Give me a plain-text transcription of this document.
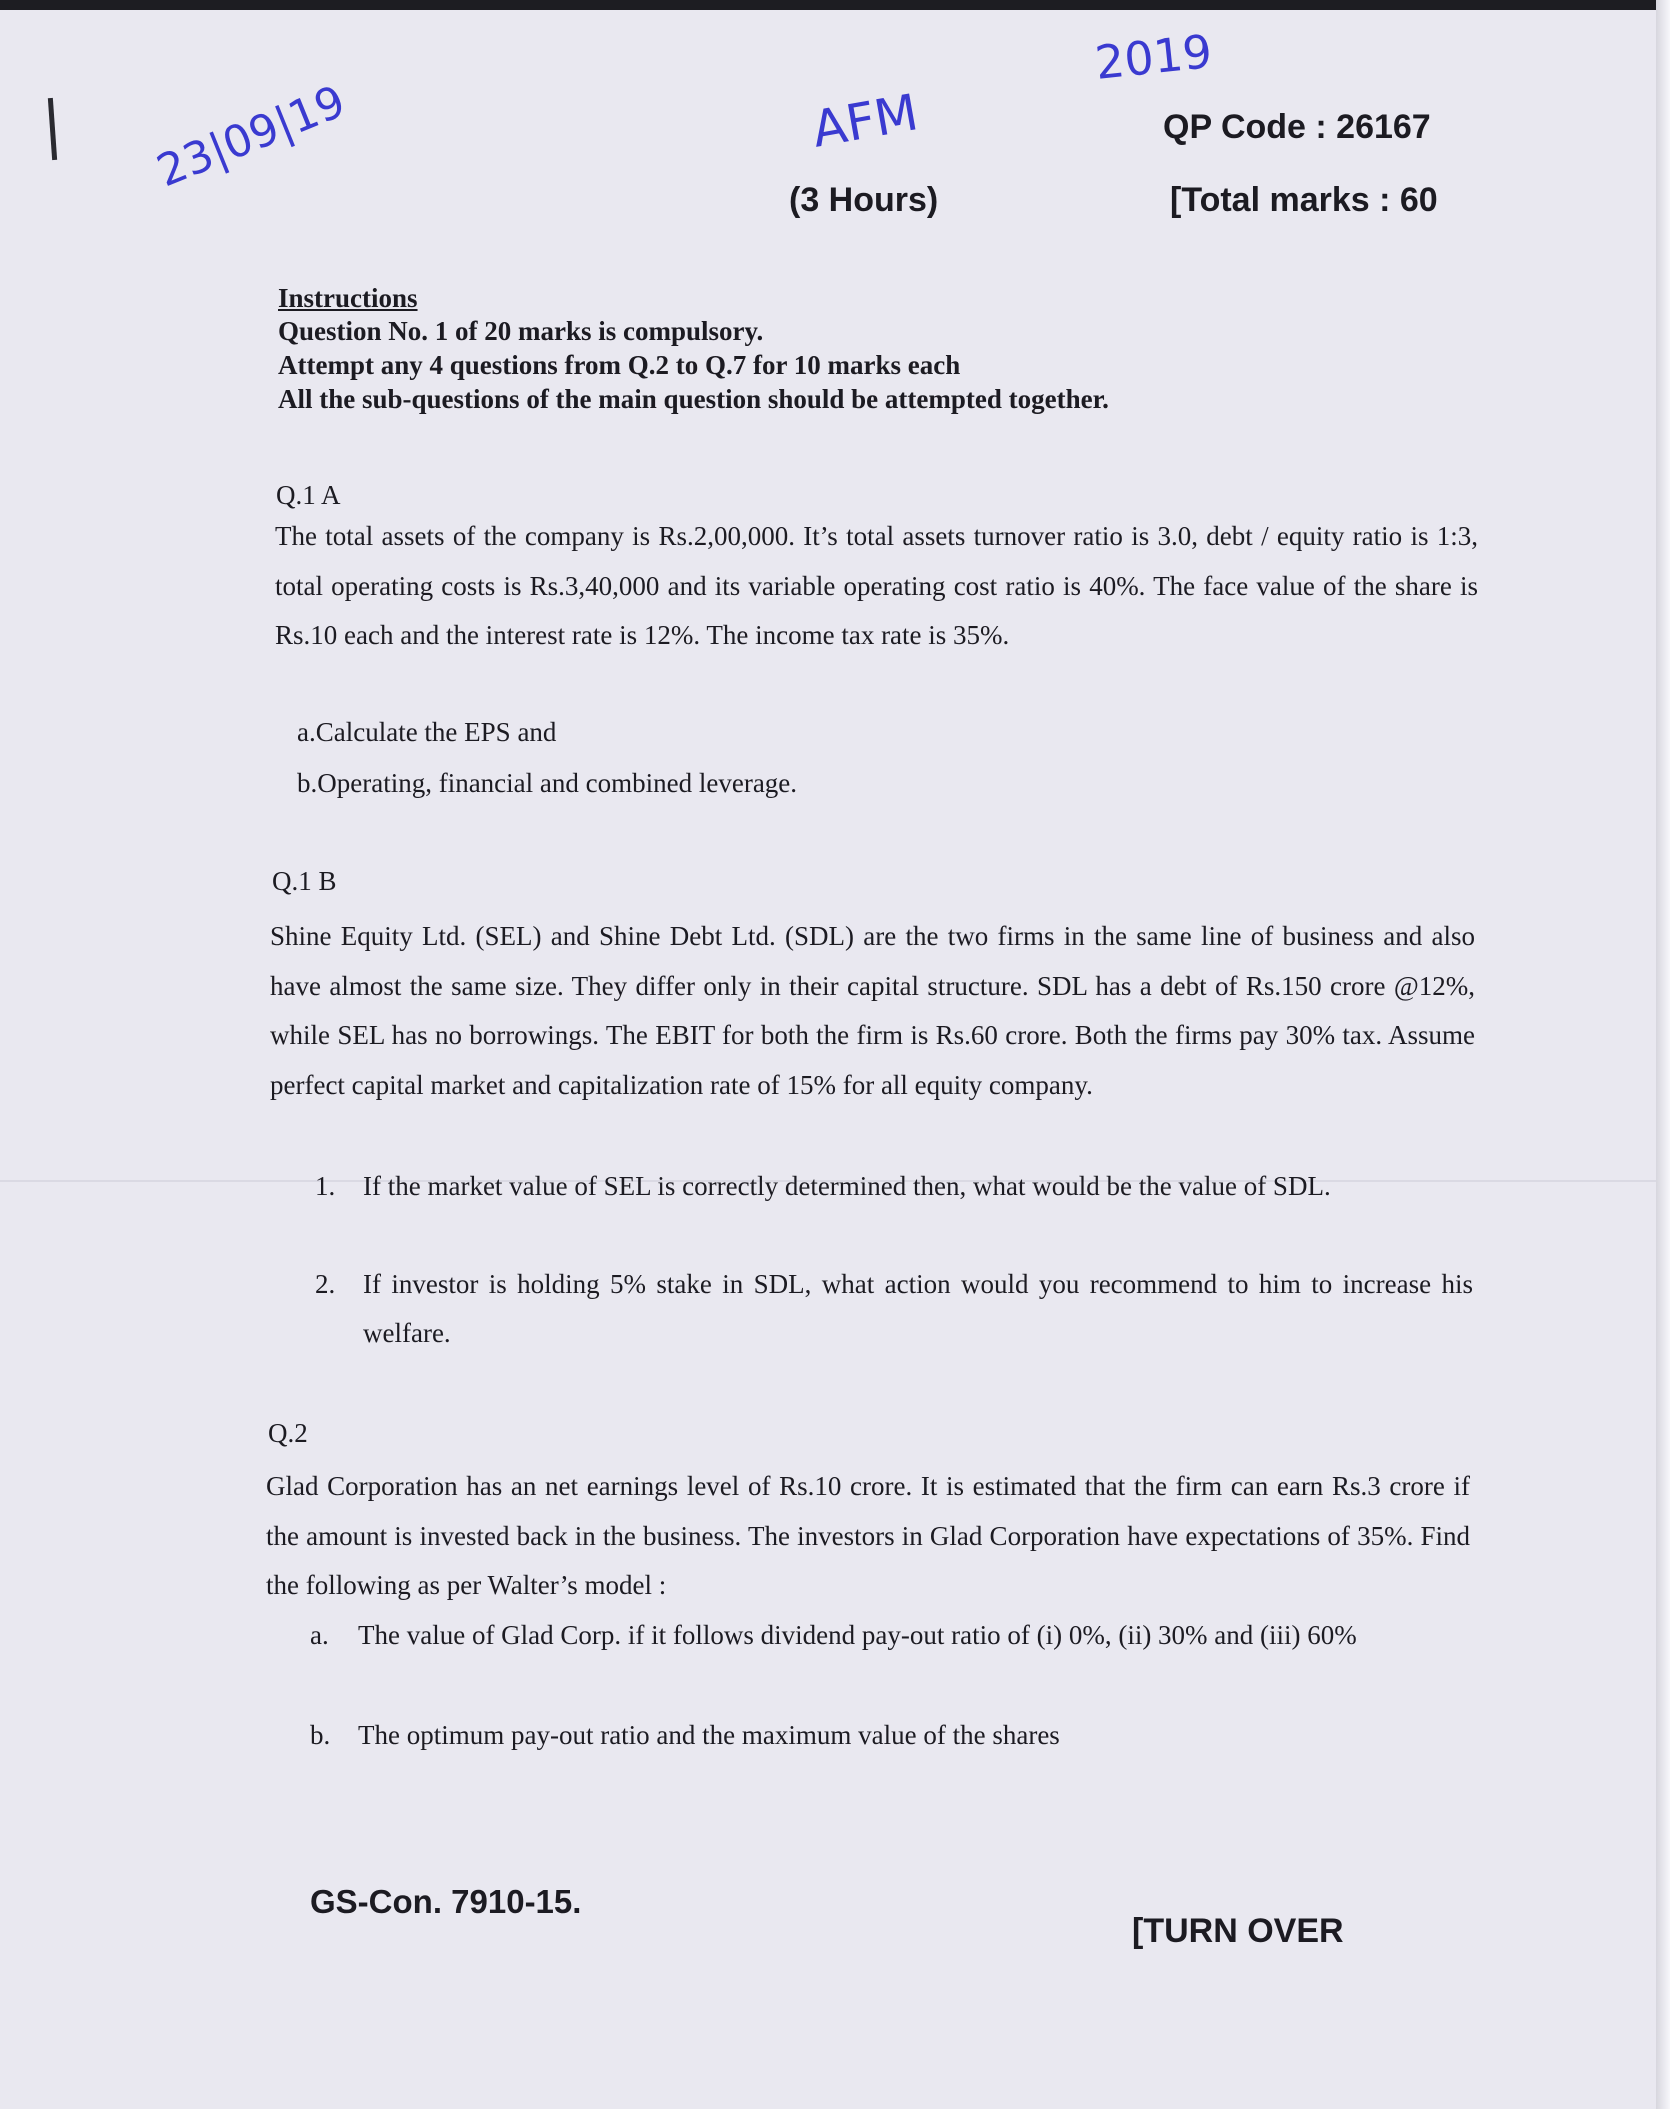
23|09|19	AFM
2019
QP Code : 26167
(3 Hours)	[Total marks : 60
Instructions
Question No. 1 of 20 marks is compulsory.
Attempt any 4 questions from Q.2 to Q.7 for 10 marks each
All the sub-questions of the main question should be attempted together.
Q.1 A
The total assets of the company is Rs.2,00,000. It’s total assets turnover ratio is 3.0, debt / equity ratio is 1:3, total operating costs is Rs.3,40,000 and its variable operating cost ratio is 40%. The face value of the share is Rs.10 each and the interest rate is 12%. The income tax rate is 35%.
a.Calculate the EPS and
b.Operating, financial and combined leverage.
Q.1 B
Shine Equity Ltd. (SEL) and Shine Debt Ltd. (SDL) are the two firms in the same line of business and also have almost the same size. They differ only in their capital structure. SDL has a debt of Rs.150 crore @12%, while SEL has no borrowings. The EBIT for both the firm is Rs.60 crore. Both the firms pay 30% tax. Assume perfect capital market and capitalization rate of 15% for all equity company.
1.	If the market value of SEL is correctly determined then, what would be the value of SDL.
2.	If investor is holding 5% stake in SDL, what action would you recommend to him to increase his welfare.
Q.2
Glad Corporation has an net earnings level of Rs.10 crore. It is estimated that the firm can earn Rs.3 crore if the amount is invested back in the business. The investors in Glad Corporation have expectations of 35%. Find the following as per Walter’s model :
a.	The value of Glad Corp. if it follows dividend pay-out ratio of (i) 0%, (ii) 30% and (iii) 60%
b.	The optimum pay-out ratio and the maximum value of the shares
GS-Con. 7910-15.
[TURN OVER
